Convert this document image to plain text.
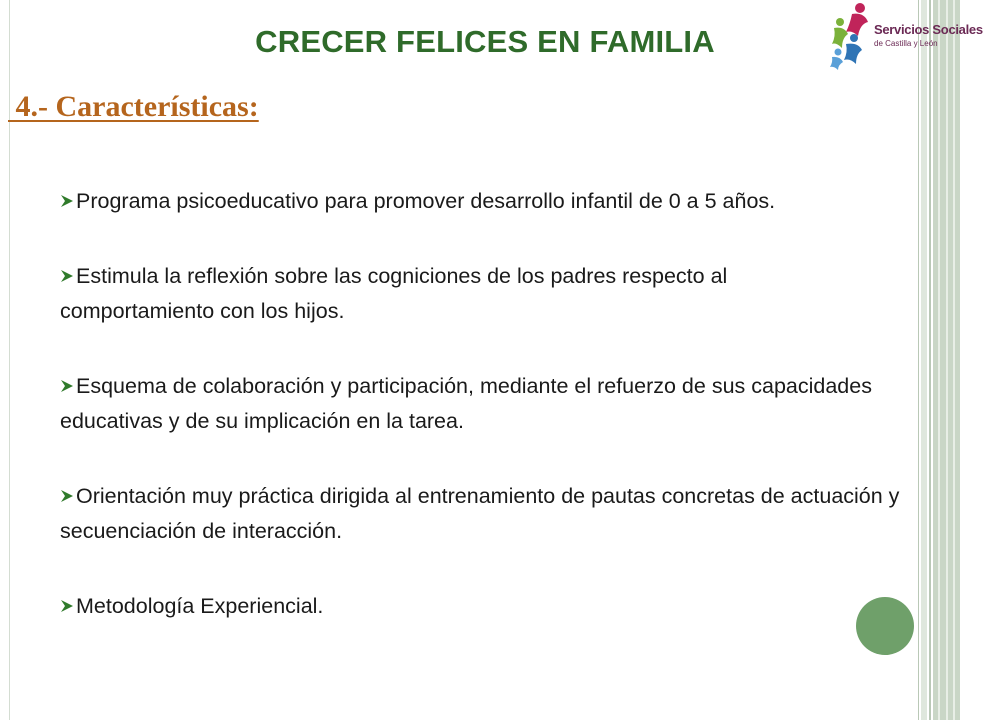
CRECER FELICES EN FAMILIA	Servicios Sociales
de Castilla y León
4.- Características:
Programa psicoeducativo para promover desarrollo infantil de 0 a 5 años.
Estimula la reflexión sobre las cogniciones de los padres respecto al comportamiento con los hijos.
Esquema de colaboración y participación, mediante el refuerzo de sus capacidades educativas y de su implicación en la tarea.
Orientación muy práctica dirigida al entrenamiento de pautas concretas de actuación y secuenciación de interacción.
Metodología Experiencial.
